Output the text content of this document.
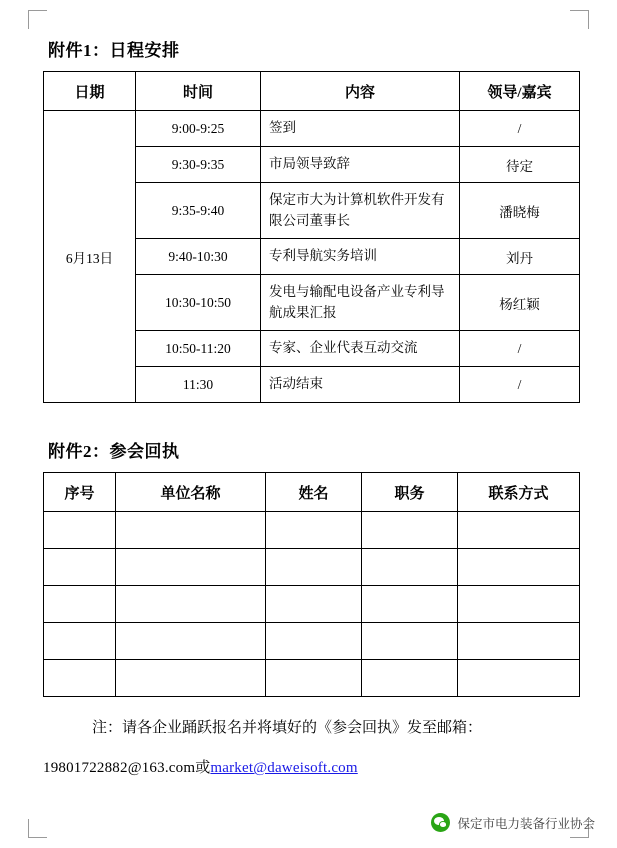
附件1：日程安排
日期	时间	内容	领导/嘉宾
6月13日	9:00-9:25	签到	/
	9:30-9:35	市局领导致辞	待定
	9:35-9:40	保定市大为计算机软件开发有限公司董事长	潘晓梅
	9:40-10:30	专利导航实务培训	刘丹
	10:30-10:50	发电与输配电设备产业专利导航成果汇报	杨红颖
	10:50-11:20	专家、企业代表互动交流	/
	11:30	活动结束	/
附件2：参会回执
序号	单位名称	姓名	职务	联系方式

注：请各企业踊跃报名并将填好的《参会回执》发至邮箱：

19801722882@163.com或market@daweisoft.com

保定市电力装备行业协会
